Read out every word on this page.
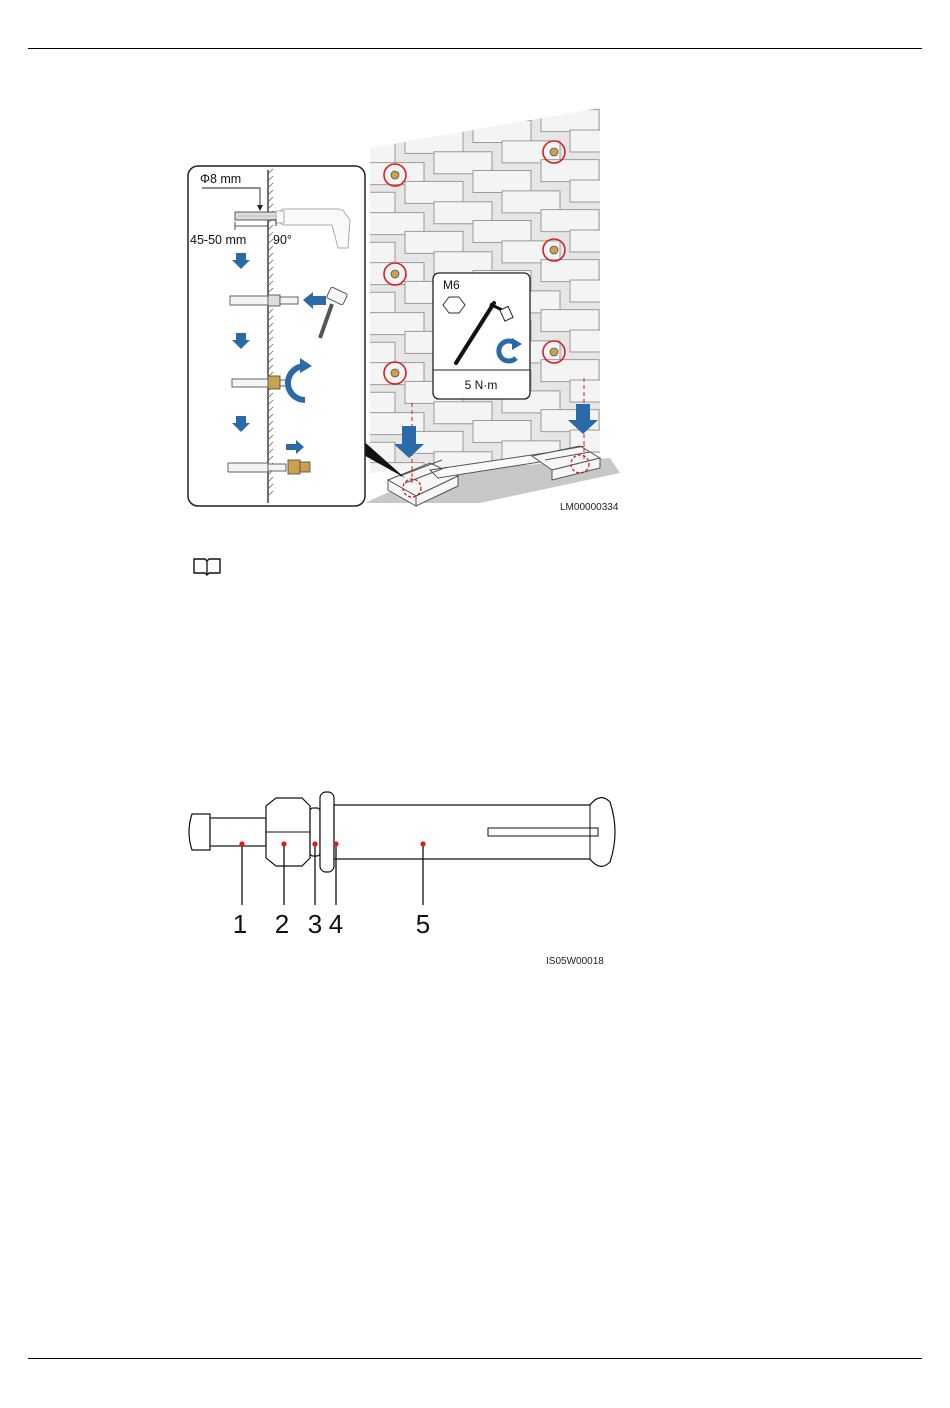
M6
5 N·m
Φ8 mm
45-50 mm 90°
LM00000334
1 2 3 4	5
IS05W00018
